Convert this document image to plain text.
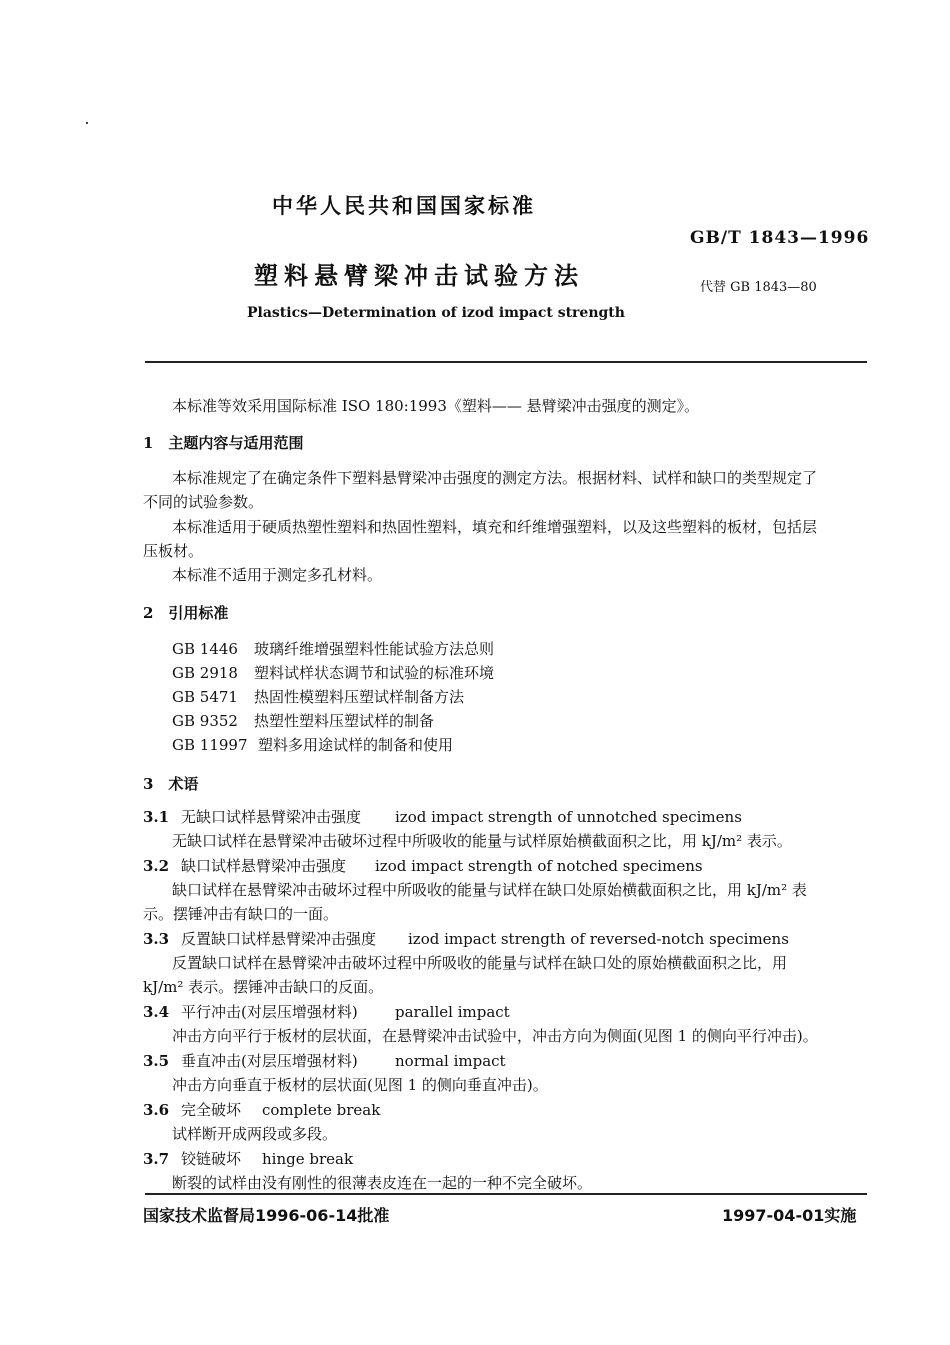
中华人民共和国国家标准
GB/T 1843—1996
塑料悬臂梁冲击试验方法	代替 GB 1843—80
Plastics—Determination of izod impact strength
本标准等效采用国际标准 ISO 180:1993《塑料—— 悬臂梁冲击强度的测定》。
1　主题内容与适用范围
本标准规定了在确定条件下塑料悬臂梁冲击强度的测定方法。根据材料、试样和缺口的类型规定了
不同的试验参数。
本标准适用于硬质热塑性塑料和热固性塑料，填充和纤维增强塑料，以及这些塑料的板材，包括层
压板材。
本标准不适用于测定多孔材料。
2　引用标准
GB 1446 玻璃纤维增强塑料性能试验方法总则
GB 2918 塑料试样状态调节和试验的标准环境
GB 5471 热固性模塑料压塑试样制备方法
GB 9352 热塑性塑料压塑试样的制备
GB 11997 塑料多用途试样的制备和使用
3　术语
3.1 无缺口试样悬臂梁冲击强度 izod impact strength of unnotched specimens
无缺口试样在悬臂梁冲击破坏过程中所吸收的能量与试样原始横截面积之比，用 kJ/m² 表示。
3.2 缺口试样悬臂梁冲击强度 izod impact strength of notched specimens
缺口试样在悬臂梁冲击破坏过程中所吸收的能量与试样在缺口处原始横截面积之比，用 kJ/m² 表
示。摆锤冲击有缺口的一面。
3.3 反置缺口试样悬臂梁冲击强度 izod impact strength of reversed-notch specimens
反置缺口试样在悬臂梁冲击破坏过程中所吸收的能量与试样在缺口处的原始横截面积之比，用
kJ/m² 表示。摆锤冲击缺口的反面。
3.4 平行冲击(对层压增强材料) parallel impact
冲击方向平行于板材的层状面，在悬臂梁冲击试验中，冲击方向为侧面(见图 1 的侧向平行冲击)。
3.5 垂直冲击(对层压增强材料) normal impact
冲击方向垂直于板材的层状面(见图 1 的侧向垂直冲击)。
3.6 完全破坏 complete break
试样断开成两段或多段。
3.7 铰链破坏 hinge break
断裂的试样由没有刚性的很薄表皮连在一起的一种不完全破坏。
国家技术监督局1996-06-14批准	1997-04-01实施
